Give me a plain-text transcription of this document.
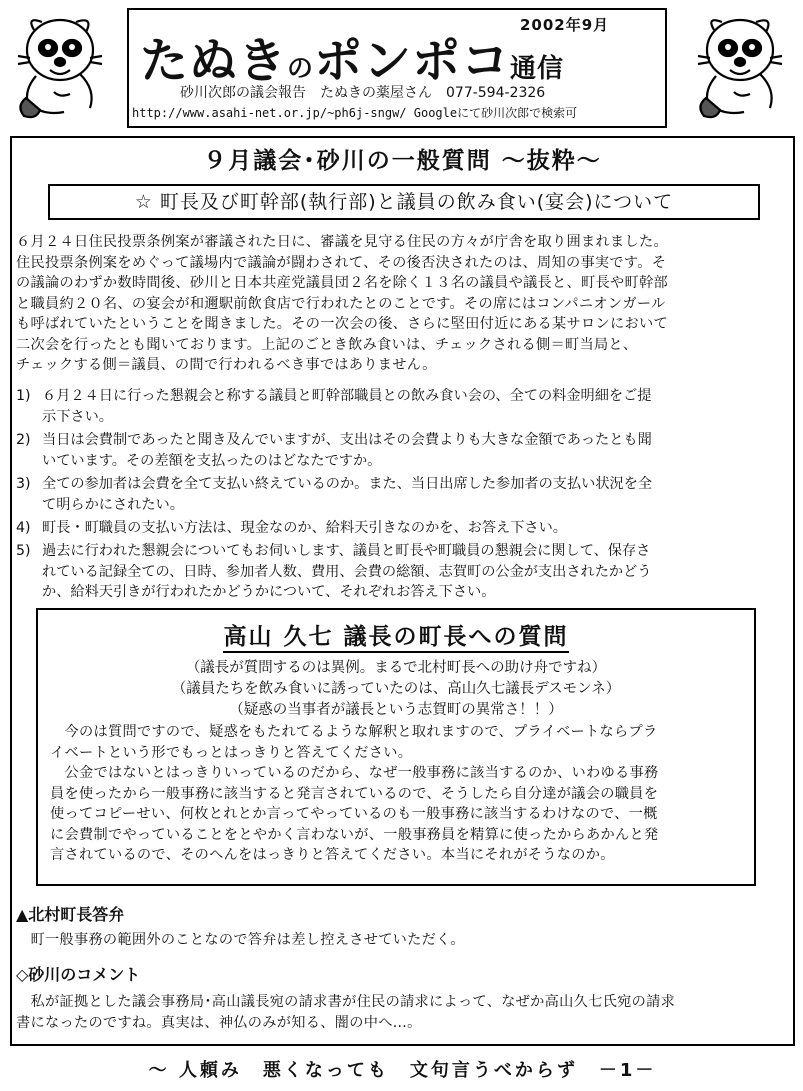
2002年9月
たぬきのポンポコ通信
砂川次郎の議会報告　たぬきの薬屋さん　077-594-2326
http://www.asahi-net.or.jp/~ph6j-sngw/ Googleにて砂川次郎で検索可
９月議会･砂川の一般質問 ～抜粋～
☆ 町長及び町幹部(執行部)と議員の飲み食い(宴会)について
６月２４日住民投票条例案が審議された日に、審議を見守る住民の方々が庁舎を取り囲まれました。
住民投票条例案をめぐって議場内で議論が闘わされて、その後否決されたのは、周知の事実です。そ
の議論のわずか数時間後、砂川と日本共産党議員団２名を除く１３名の議員や議長と、町長や町幹部
と職員約２０名、の宴会が和邇駅前飲食店で行われたとのことです。その席にはコンパニオンガール
も呼ばれていたということを聞きました。その一次会の後、さらに堅田付近にある某サロンにおいて
二次会を行ったとも聞いております。上記のごとき飲み食いは、チェックされる側＝町当局と、
チェックする側＝議員、の間で行われるべき事ではありません。
1) ６月２４日に行った懇親会と称する議員と町幹部職員との飲み食い会の、全ての料金明細をご提
示下さい。
2) 当日は会費制であったと聞き及んでいますが、支出はその会費よりも大きな金額であったとも聞
いています。その差額を支払ったのはどなたですか。
3) 全ての参加者は会費を全て支払い終えているのか。また、当日出席した参加者の支払い状況を全
て明らかにされたい。
4) 町長・町職員の支払い方法は、現金なのか、給料天引きなのかを、お答え下さい。
5) 過去に行われた懇親会についてもお伺いします、議員と町長や町職員の懇親会に関して、保存さ
れている記録全ての、日時、参加者人数、費用、会費の総額、志賀町の公金が支出されたかどう
か、給料天引きが行われたかどうかについて、それぞれお答え下さい。
高山 久七 議長の町長への質問
（議長が質問するのは異例。まるで北村町長への助け舟ですね）
（議員たちを飲み食いに誘っていたのは、高山久七議長デスモンネ）
（疑惑の当事者が議長という志賀町の異常さ！！）
　今のは質問ですので、疑惑をもたれてるような解釈と取れますので、プライベートならプラ
イベートという形でもっとはっきりと答えてください。
　公金ではないとはっきりいっているのだから、なぜ一般事務に該当するのか、いわゆる事務
員を使ったから一般事務に該当すると発言されているので、そうしたら自分達が議会の職員を
使ってコピーせい、何枚とれとか言ってやっているのも一般事務に該当するわけなので、一概
に会費制でやっていることをとやかく言わないが、一般事務員を精算に使ったからあかんと発
言されているので、そのへんをはっきりと答えてください。本当にそれがそうなのか。
▲北村町長答弁
　町一般事務の範囲外のことなので答弁は差し控えさせていただく。
◇砂川のコメント
　私が証拠とした議会事務局･高山議長宛の請求書が住民の請求によって、なぜか高山久七氏宛の請求
書になったのですね。真実は、神仏のみが知る、闇の中へ…。
～ 人頼み　悪くなっても　文句言うべからず　－1－
